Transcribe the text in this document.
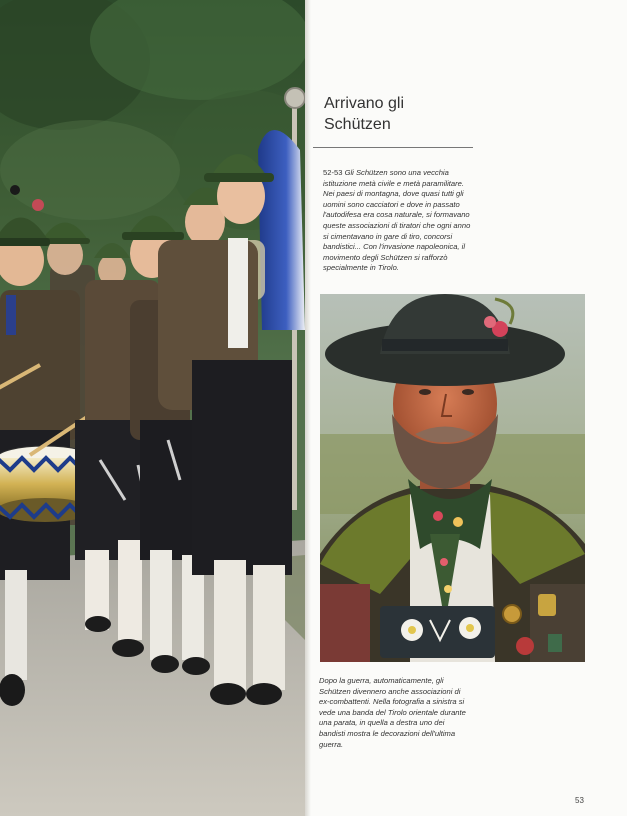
Arrivano gli
Schützen
52-53 Gli Schützen sono una vecchia istituzione metà civile e metà paramilitare. Nei paesi di montagna, dove quasi tutti gli uomini sono cacciatori e dove in passato l'autodifesa era cosa naturale, si formavano queste associazioni di tiratori che ogni anno si cimentavano in gare di tiro, concorsi bandistici... Con l'invasione napoleonica, il movimento degli Schützen si rafforzò specialmente in Tirolo.
Dopo la guerra, automaticamente, gli Schützen divennero anche associazioni di ex-combattenti. Nella fotografia a sinistra si vede una banda del Tirolo orientale durante una parata, in quella a destra uno dei bandisti mostra le decorazioni dell'ultima guerra.
53
